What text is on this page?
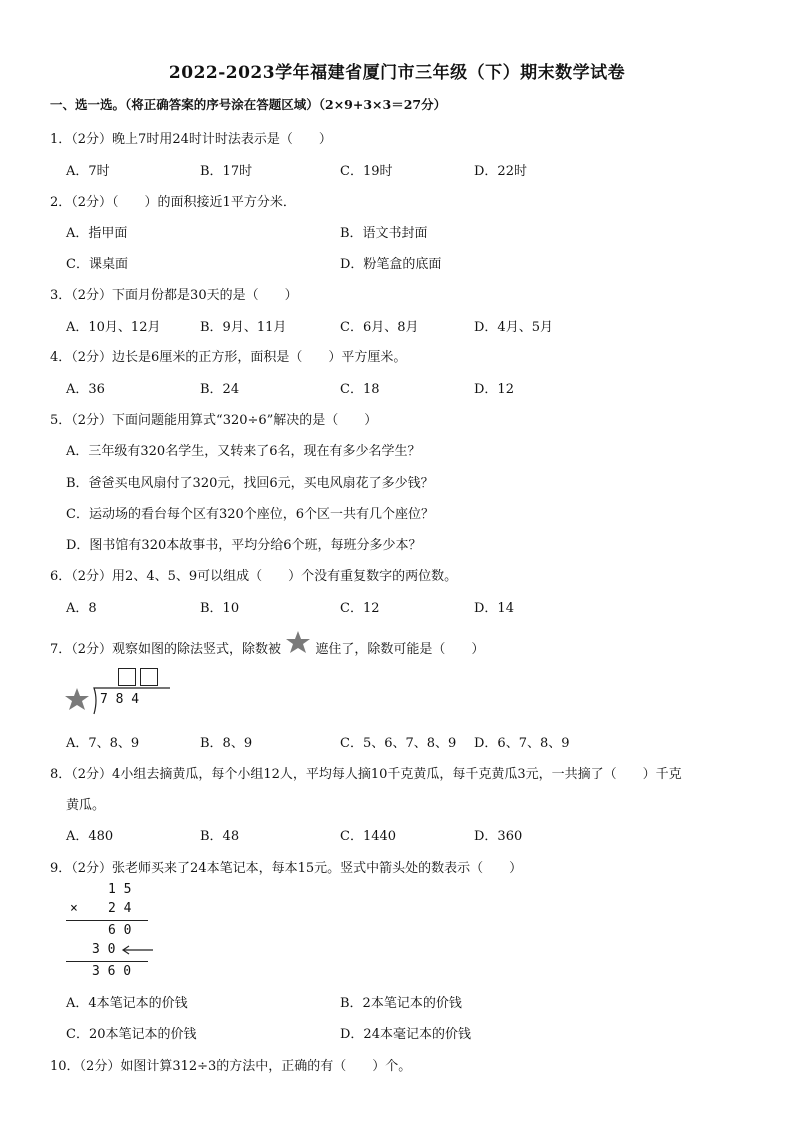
2022-2023学年福建省厦门市三年级（下）期末数学试卷
一、选一选。（将正确答案的序号涂在答题区域）（2×9+3×3＝27分）
1．（2分）晚上7时用24时计时法表示是（　　）
A．7时	B．17时	C．19时	D．22时
2．（2分）（　　）的面积接近1平方分米．
A．指甲面	B．语文书封面
C．课桌面	D．粉笔盒的底面
3．（2分）下面月份都是30天的是（　　）
A．10月、12月	B．9月、11月	C．6月、8月	D．4月、5月
4．（2分）边长是6厘米的正方形，面积是（　　）平方厘米。
A．36	B．24	C．18	D．12
5．（2分）下面问题能用算式“320÷6”解决的是（　　）
A．三年级有320名学生，又转来了6名，现在有多少名学生？
B．爸爸买电风扇付了320元，找回6元，买电风扇花了多少钱？
C．运动场的看台每个区有320个座位，6个区一共有几个座位？
D．图书馆有320本故事书，平均分给6个班，每班分多少本？
6．（2分）用2、4、5、9可以组成（　　）个没有重复数字的两位数。
A．8	B．10	C．12	D．14
7．（2分）观察如图的除法竖式，除数被	遮住了，除数可能是（　　）
7 8 4
A．7、8、9	B．8、9	C．5、6、7、8、9 D．6、7、8、9
8．（2分）4小组去摘黄瓜，每个小组12人，平均每人摘10千克黄瓜，每千克黄瓜3元，一共摘了（　　）千克
黄瓜。
A．480	B．48	C．1440	D．360
9．（2分）张老师买来了24本笔记本，每本15元。竖式中箭头处的数表示（　　）
1 5
× 2 4
6 0
3 0
3 6 0
A．4本笔记本的价钱	B．2本笔记本的价钱
C．20本笔记本的价钱	D．24本毫记本的价钱
10．（2分）如图计算312÷3的方法中，正确的有（　　）个。
